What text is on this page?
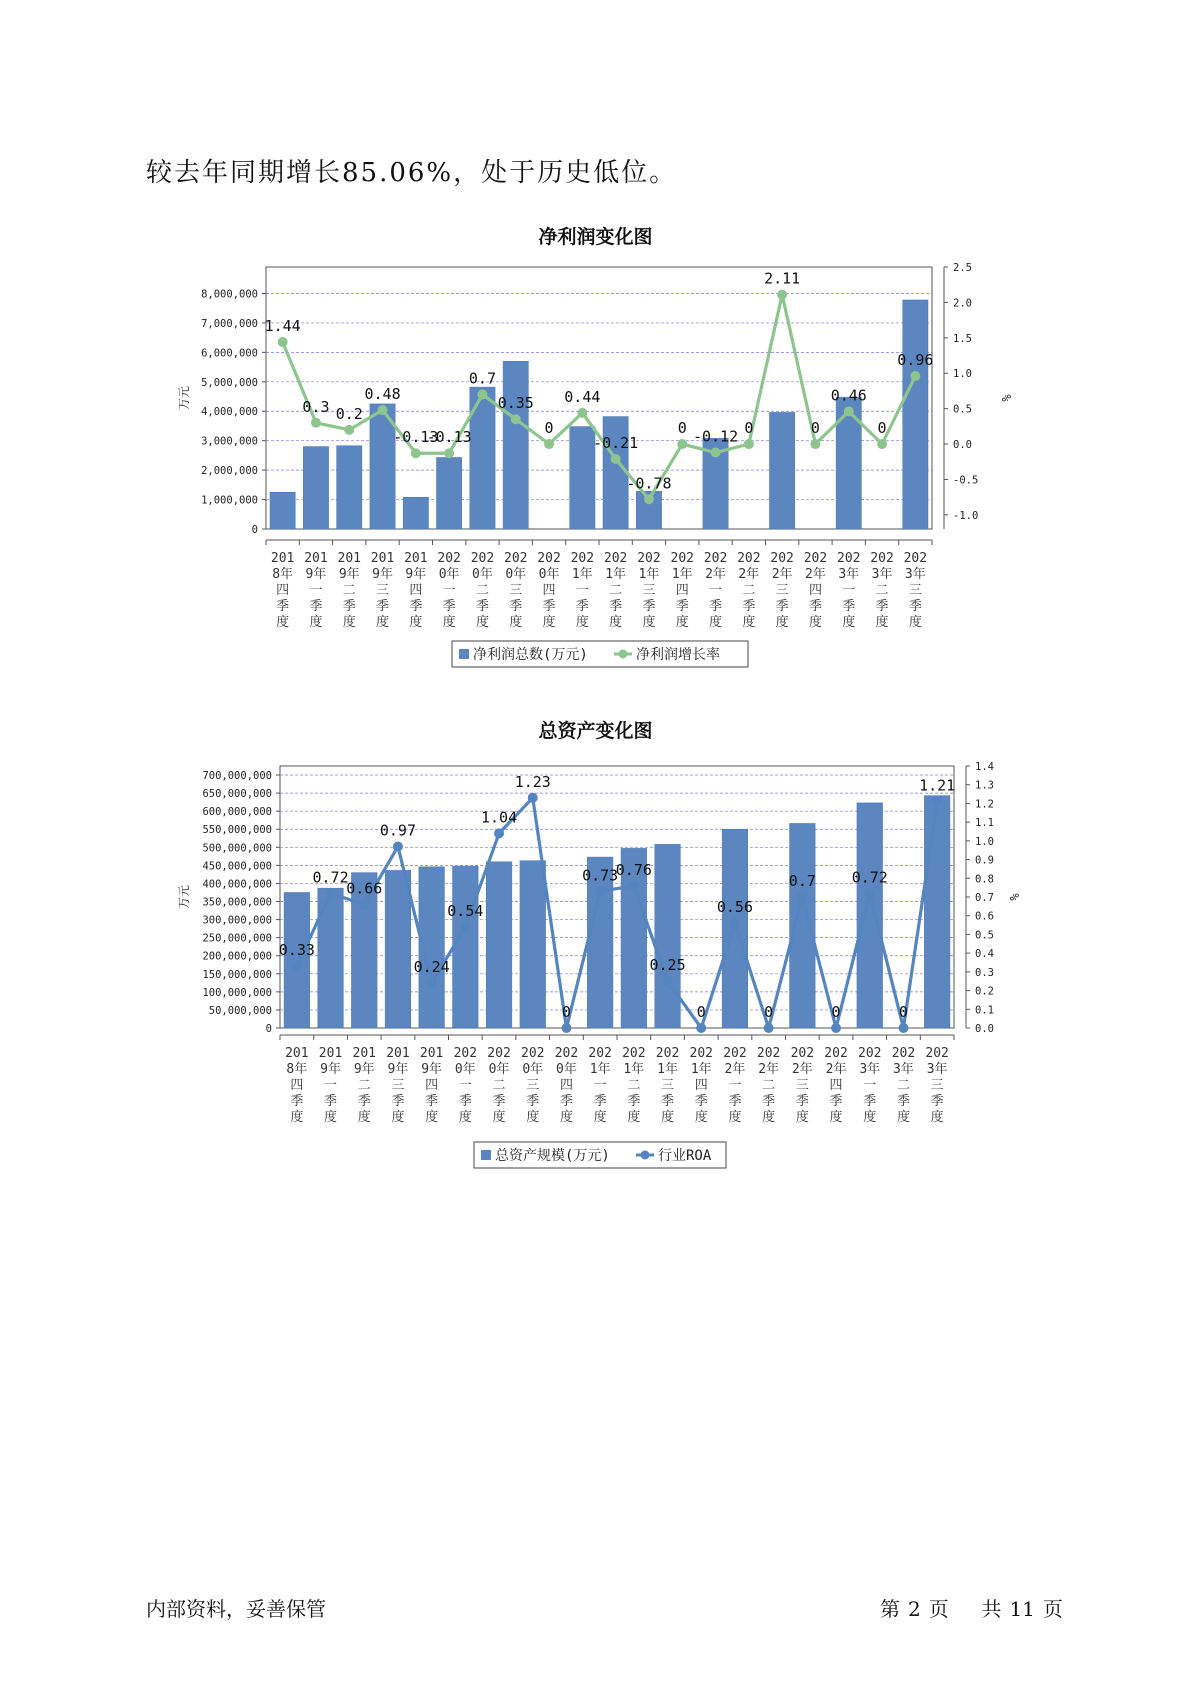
较去年同期增长85.06%，处于历史低位。
净利润变化图
0
1,000,000
2,000,000
3,000,000
4,000,000
5,000,000
6,000,000
7,000,000
8,000,000
-1.0
-0.5
0.0
0.5
1.0
1.5
2.0
2.5
万元	%
201
8年
四
季
度
201
9年
一
季
度
201
9年
二
季
度
201
9年
三
季
度
201
9年
四
季
度
202
0年
一
季
度
202
0年
二
季
度
202
0年
三
季
度
202
0年
四
季
度
202
1年
一
季
度
202
1年
二
季
度
202
1年
三
季
度
202
1年
四
季
度
202
2年
一
季
度
202
2年
二
季
度
202
2年
三
季
度
202
2年
四
季
度
202
3年
一
季
度
202
3年
二
季
度
202
3年
三
季
度
1.44
0.3 0.2
0.48
-0.13
-0.13
0.7
0.35
0
0.44
-0.21
-0.78
0 -0.12 0
2.11
0
0.46
0
0.96
净利润总数(万元)	净利润增长率
总资产变化图
0
50,000,000
100,000,000
150,000,000
200,000,000
250,000,000
300,000,000
350,000,000
400,000,000
450,000,000
500,000,000
550,000,000
600,000,000
650,000,000
700,000,000
0.0
0.1
0.2
0.3
0.4
0.5
0.6
0.7
0.8
0.9
1.0
1.1
1.2
1.3
1.4
万元	%
201
8年
四
季
度
201
9年
一
季
度
201
9年
二
季
度
201
9年
三
季
度
201
9年
四
季
度
202
0年
一
季
度
202
0年
二
季
度
202
0年
三
季
度
202
0年
四
季
度
202
1年
一
季
度
202
1年
二
季
度
202
1年
三
季
度
202
1年
四
季
度
202
2年
一
季
度
202
2年
二
季
度
202
2年
三
季
度
202
2年
四
季
度
202
3年
一
季
度
202
3年
二
季
度
202
3年
三
季
度
0.33
0.72
0.66
0.97
0.24
0.54
1.04
1.23
0
0.73
0.76
0.25
0
0.56
0
0.7
0
0.72
0
1.21
总资产规模(万元)	行业ROA
内部资料，妥善保管	第 2 页 共 11 页
